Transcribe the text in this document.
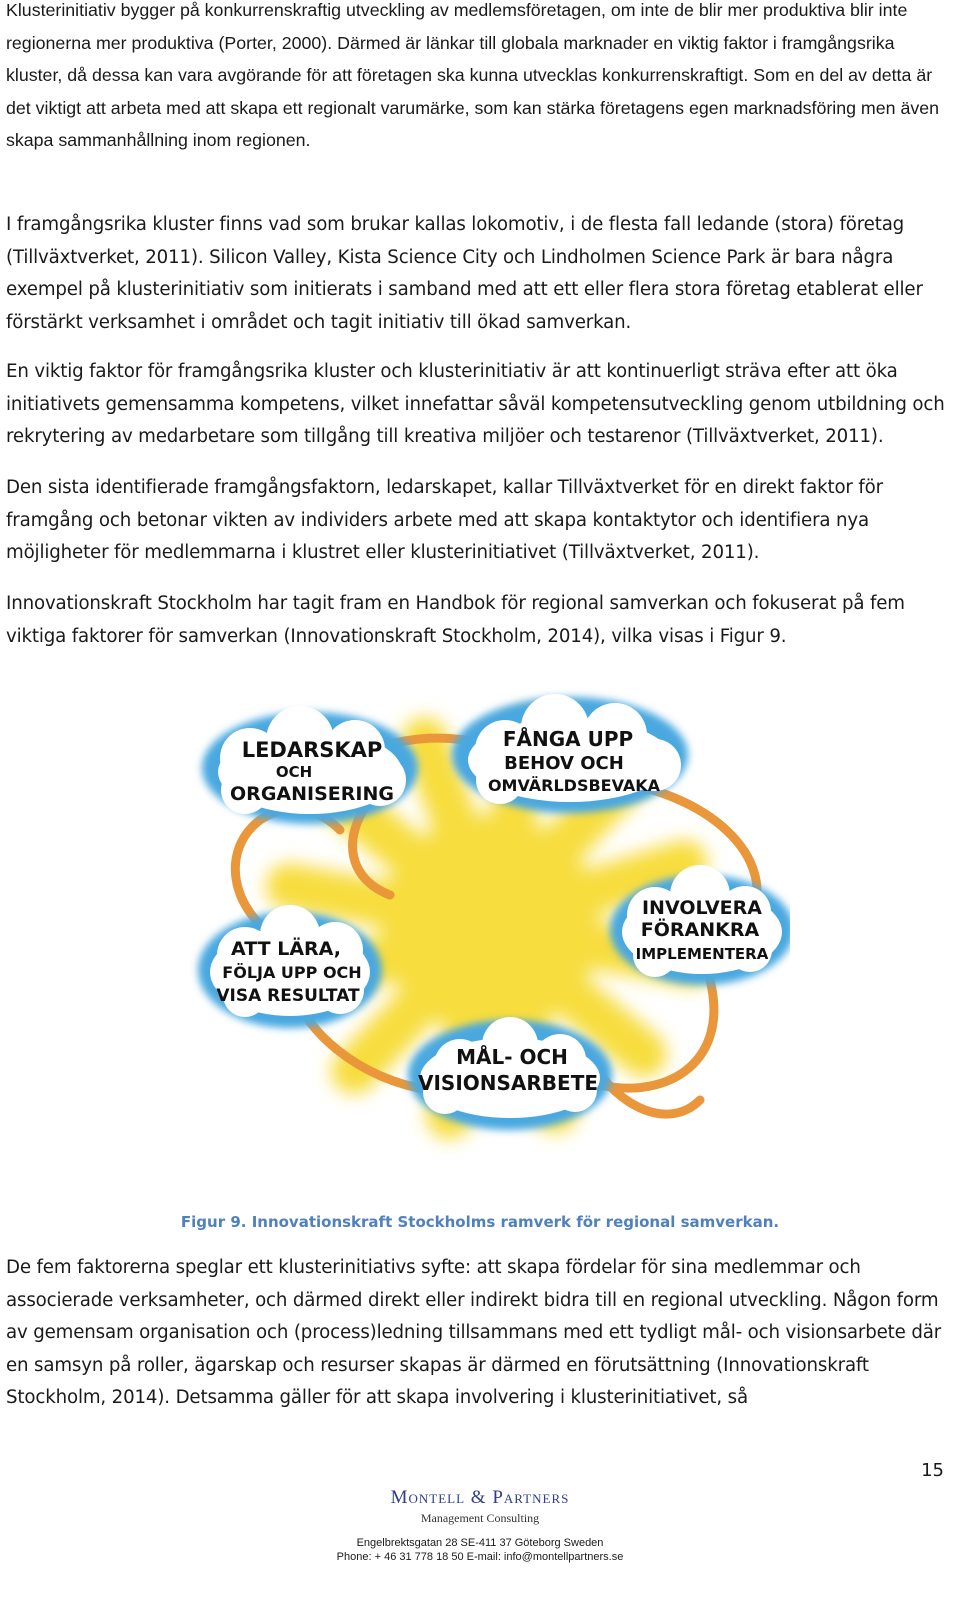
Klusterinitiativ bygger på konkurrenskraftig utveckling av medlemsföretagen, om inte de blir mer produktiva blir inte regionerna mer produktiva (Porter, 2000). Därmed är länkar till globala marknader en viktig faktor i framgångsrika kluster, då dessa kan vara avgörande för att företagen ska kunna utvecklas konkurrenskraftigt. Som en del av detta är det viktigt att arbeta med att skapa ett regionalt varumärke, som kan stärka företagens egen marknadsföring men även skapa sammanhållning inom regionen.

I framgångsrika kluster finns vad som brukar kallas lokomotiv, i de flesta fall ledande (stora) företag (Tillväxtverket, 2011). Silicon Valley, Kista Science City och Lindholmen Science Park är bara några exempel på klusterinitiativ som initierats i samband med att ett eller flera stora företag etablerat eller förstärkt verksamhet i området och tagit initiativ till ökad samverkan.

En viktig faktor för framgångsrika kluster och klusterinitiativ är att kontinuerligt sträva efter att öka initiativets gemensamma kompetens, vilket innefattar såväl kompetensutveckling genom utbildning och rekrytering av medarbetare som tillgång till kreativa miljöer och testarenor (Tillväxtverket, 2011).

Den sista identifierade framgångsfaktorn, ledarskapet, kallar Tillväxtverket för en direkt faktor för framgång och betonar vikten av individers arbete med att skapa kontaktytor och identifiera nya möjligheter för medlemmarna i klustret eller klusterinitiativet (Tillväxtverket, 2011).

Innovationskraft Stockholm har tagit fram en Handbok för regional samverkan och fokuserat på fem viktiga faktorer för samverkan (Innovationskraft Stockholm, 2014), vilka visas i Figur 9.

LEDARSKAP
OCH
ORGANISERING
FÅNGA UPP
BEHOV OCH
OMVÄRLDSBEVAKA
INVOLVERA
FÖRANKRA
IMPLEMENTERA
ATT LÄRA,
FÖLJA UPP OCH
VISA RESULTAT
MÅL- OCH
VISIONSARBETE
Figur 9. Innovationskraft Stockholms ramverk för regional samverkan.

De fem faktorerna speglar ett klusterinitiativs syfte: att skapa fördelar för sina medlemmar och associerade verksamheter, och därmed direkt eller indirekt bidra till en regional utveckling. Någon form av gemensam organisation och (process)ledning tillsammans med ett tydligt mål- och visionsarbete där en samsyn på roller, ägarskap och resurser skapas är därmed en förutsättning (Innovationskraft Stockholm, 2014). Detsamma gäller för att skapa involvering i klusterinitiativet, så

15
Montell & Partners
Management Consulting
Engelbrektsgatan 28 SE-411 37 Göteborg Sweden
Phone: + 46 31 778 18 50 E-mail: info@montellpartners.se
